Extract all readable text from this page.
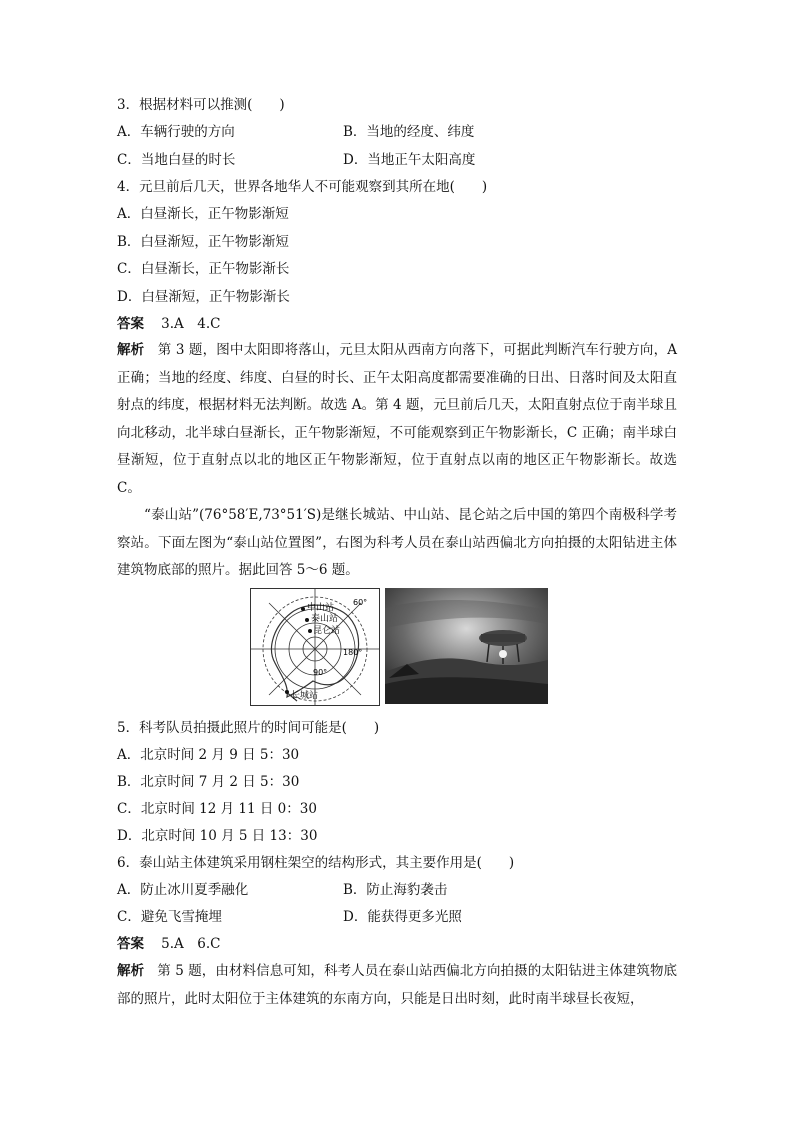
3．根据材料可以推测(　　)
A．车辆行驶的方向	B．当地的经度、纬度
C．当地白昼的时长	D．当地正午太阳高度
4．元旦前后几天，世界各地华人不可能观察到其所在地(　　)
A．白昼渐长，正午物影渐短
B．白昼渐短，正午物影渐短
C．白昼渐长，正午物影渐长
D．白昼渐短，正午物影渐长
答案 3.A　4.C
解析 第 3 题，图中太阳即将落山，元旦太阳从西南方向落下，可据此判断汽车行驶方向，A 正确；当地的经度、纬度、白昼的时长、正午太阳高度都需要准确的日出、日落时间及太阳直射点的纬度，根据材料无法判断。故选 A。第 4 题，元旦前后几天，太阳直射点位于南半球且向北移动，北半球白昼渐长，正午物影渐短，不可能观察到正午物影渐长，C 正确；南半球白昼渐短，位于直射点以北的地区正午物影渐短，位于直射点以南的地区正午物影渐长。故选 C。
“泰山站”(76°58′E,73°51′S)是继长城站、中山站、昆仑站之后中国的第四个南极科学考察站。下面左图为“泰山站位置图”，右图为科考人员在泰山站西偏北方向拍摄的太阳钻进主体建筑物底部的照片。据此回答 5～6 题。
中山站
泰山站
昆仑站
长城站
60°
180°
90°
5．科考队员拍摄此照片的时间可能是(　　)
A．北京时间 2 月 9 日 5：30
B．北京时间 7 月 2 日 5：30
C．北京时间 12 月 11 日 0：30
D．北京时间 10 月 5 日 13：30
6．泰山站主体建筑采用钢柱架空的结构形式，其主要作用是(　　)
A．防止冰川夏季融化	B．防止海豹袭击
C．避免飞雪掩埋	D．能获得更多光照
答案 5.A　6.C
解析 第 5 题，由材料信息可知，科考人员在泰山站西偏北方向拍摄的太阳钻进主体建筑物底部的照片，此时太阳位于主体建筑的东南方向，只能是日出时刻，此时南半球昼长夜短，
